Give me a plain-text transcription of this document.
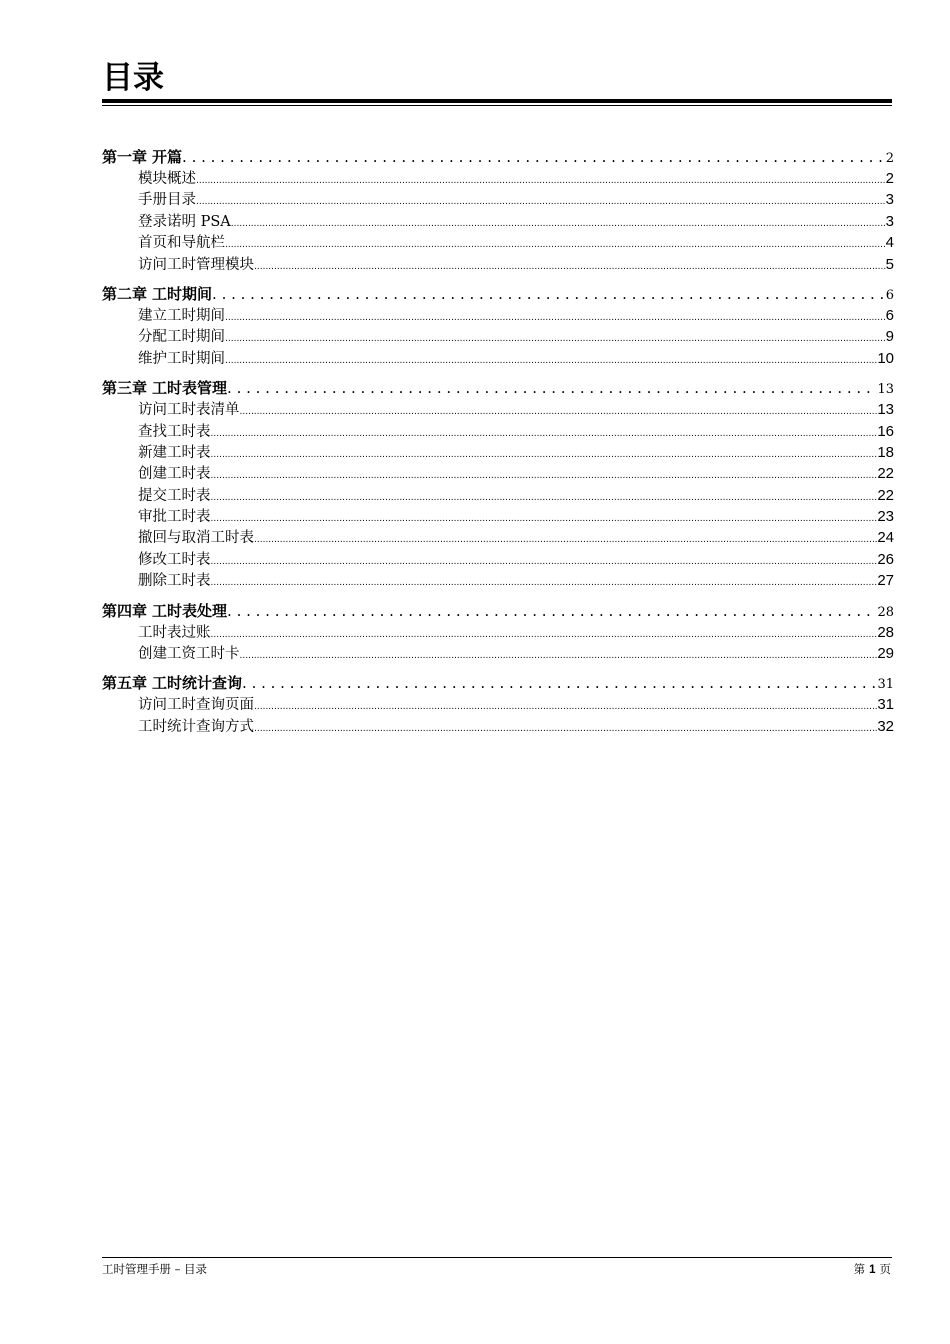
目录
第一章 开篇 . . .	2
模块概述 .....	2
手册目录 .....	3
登录诺明 PSA .....	3
首页和导航栏 .....	4
访问工时管理模块 .....	5
第二章 工时期间 . . .	6
建立工时期间 .....	6
分配工时期间 .....	9
维护工时期间 .....	10
第三章 工时表管理 . . .	13
访问工时表清单 .....	13
查找工时表 .....	16
新建工时表 .....	18
创建工时表 .....	22
提交工时表 .....	22
审批工时表 .....	23
撤回与取消工时表 .....	24
修改工时表 .....	26
删除工时表 .....	27
第四章 工时表处理 . . .	28
工时表过账 .....	28
创建工资工时卡 .....	29
第五章 工时统计查询 . . .	31
访问工时查询页面 .....	31
工时统计查询方式 .....	32
工时管理手册 – 目录	第 1 页
